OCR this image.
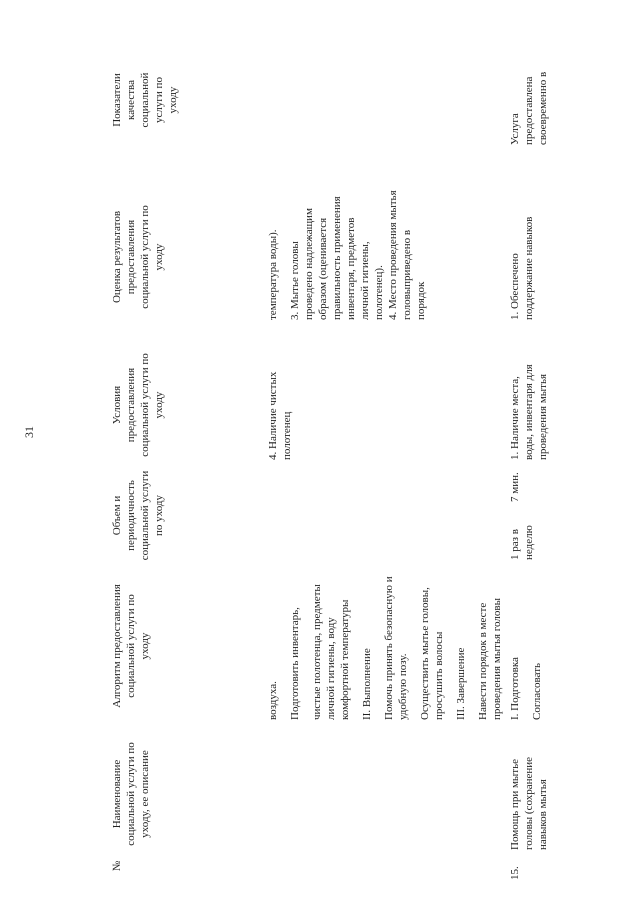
31
№
Наименование социальной услуги по уходу, ее описание
Алгоритм предоставления социальной услуги по уходу
Объем и периодичность социальной услуги по уходу
Условия предоставления социальной услуги по уходу
Оценка результатов предоставления социальной услуги по уходу
Показатели качества социальной услуги по уходу

воздуха. Подготовить инвентарь, чистые полотенца, предметы личной гигиены, воду комфортной температуры II. Выполнение Помочь принять безопасную и удобную позу. Осуществить мытье головы, просушить волосы III. Завершение Навести порядок в месте проведения мытья головы

4. Наличие чистых полотенец

температура воды). 3. Мытье головы проведено надлежащим образом (оценивается правильность применения инвентаря, предметов личной гигиены, полотенец). 4. Место проведения мытья головыприведено в порядок

15.
Помощь при мытье головы (сохранение навыков мытья

I. Подготовка Согласовать

1 раз в неделю
7 мин.
1. Наличие места, воды, инвентаря для проведения мытья
1. Обеспечено поддержание навыков
Услуга предоставлена своевременно в
